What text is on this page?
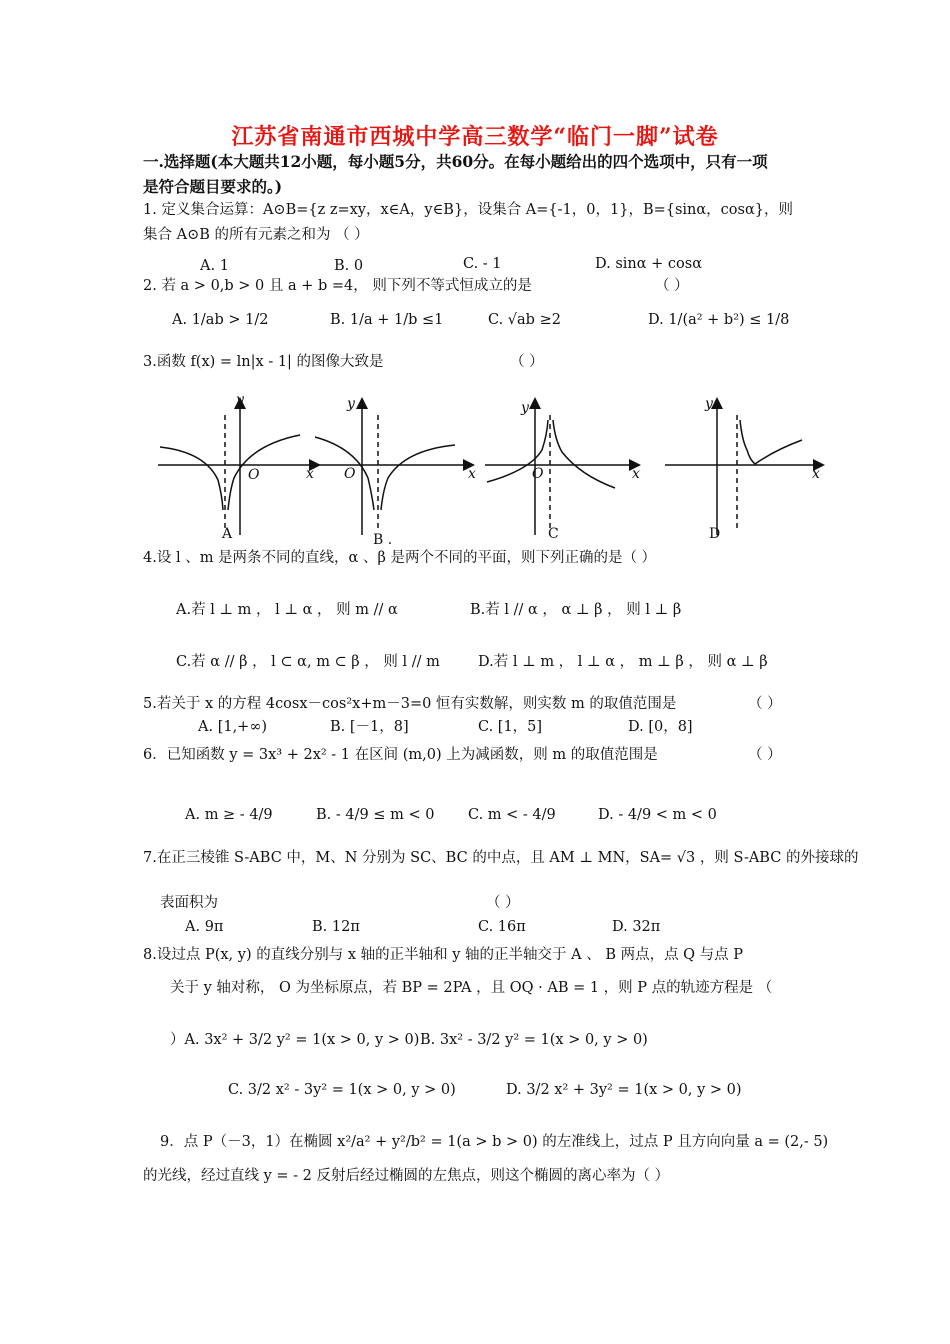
江苏省南通市西城中学高三数学“临门一脚”试卷
一.选择题(本大题共12小题，每小题5分，共60分。在每小题给出的四个选项中，只有一项
是符合题目要求的。)
1. 定义集合运算：A⊙B={z z=xy，x∈A，y∈B}，设集合 A={-1，0，1}，B={sinα，cosα}，则
集合 A⊙B 的所有元素之和为 （ ）
A. 1	B. 0	C. - 1	D. sinα + cosα
2. 若 a > 0,b > 0 且 a + b =4， 则下列不等式恒成立的是	（ ）
A. 1/ab > 1/2	B. 1/a + 1/b ≤1	C. √ab ≥2	D. 1/(a² + b²) ≤ 1/8
3.函数 f(x) = ln|x - 1| 的图像大致是	（ ）
y
x
O
y
x
O
y
x
O
y
x
A	B .	C	D
4.设 l 、m 是两条不同的直线，α 、β 是两个不同的平面，则下列正确的是（ ）
A.若 l ⊥ m ， l ⊥ α ， 则 m // α	B.若 l // α ， α ⊥ β ， 则 l ⊥ β
C.若 α // β ， l ⊂ α, m ⊂ β ， 则 l // m	D.若 l ⊥ m ， l ⊥ α ， m ⊥ β ， 则 α ⊥ β
5.若关于 x 的方程 4cosx－cos²x+m－3=0 恒有实数解，则实数 m 的取值范围是	（ ）
A. [1,+∞)	B. [－1，8]	C. [1，5]	D. [0，8]
6．已知函数 y = 3x³ + 2x² - 1 在区间 (m,0) 上为减函数，则 m 的取值范围是	（ ）
A. m ≥ - 4/9	B. - 4/9 ≤ m < 0 C. m < - 4/9	D. - 4/9 < m < 0
7.在正三棱锥 S-ABC 中，M、N 分别为 SC、BC 的中点，且 AM ⊥ MN，SA= √3 ，则 S-ABC 的外接球的
表面积为	（ ）
A. 9π	B. 12π	C. 16π	D. 32π
8.设过点 P(x, y) 的直线分别与 x 轴的正半轴和 y 轴的正半轴交于 A 、 B 两点，点 Q 与点 P
关于 y 轴对称， O 为坐标原点，若 BP = 2PA ，且 OQ · AB = 1 ，则 P 点的轨迹方程是 （
）A. 3x² + 3/2 y² = 1(x > 0, y > 0) B. 3x² - 3/2 y² = 1(x > 0, y > 0)
C. 3/2 x² - 3y² = 1(x > 0, y > 0)	D. 3/2 x² + 3y² = 1(x > 0, y > 0)
9．点 P（－3，1）在椭圆 x²/a² + y²/b² = 1(a > b > 0) 的左准线上，过点 P 且方向向量 a = (2,- 5)
的光线，经过直线 y = - 2 反射后经过椭圆的左焦点，则这个椭圆的离心率为（ ）
